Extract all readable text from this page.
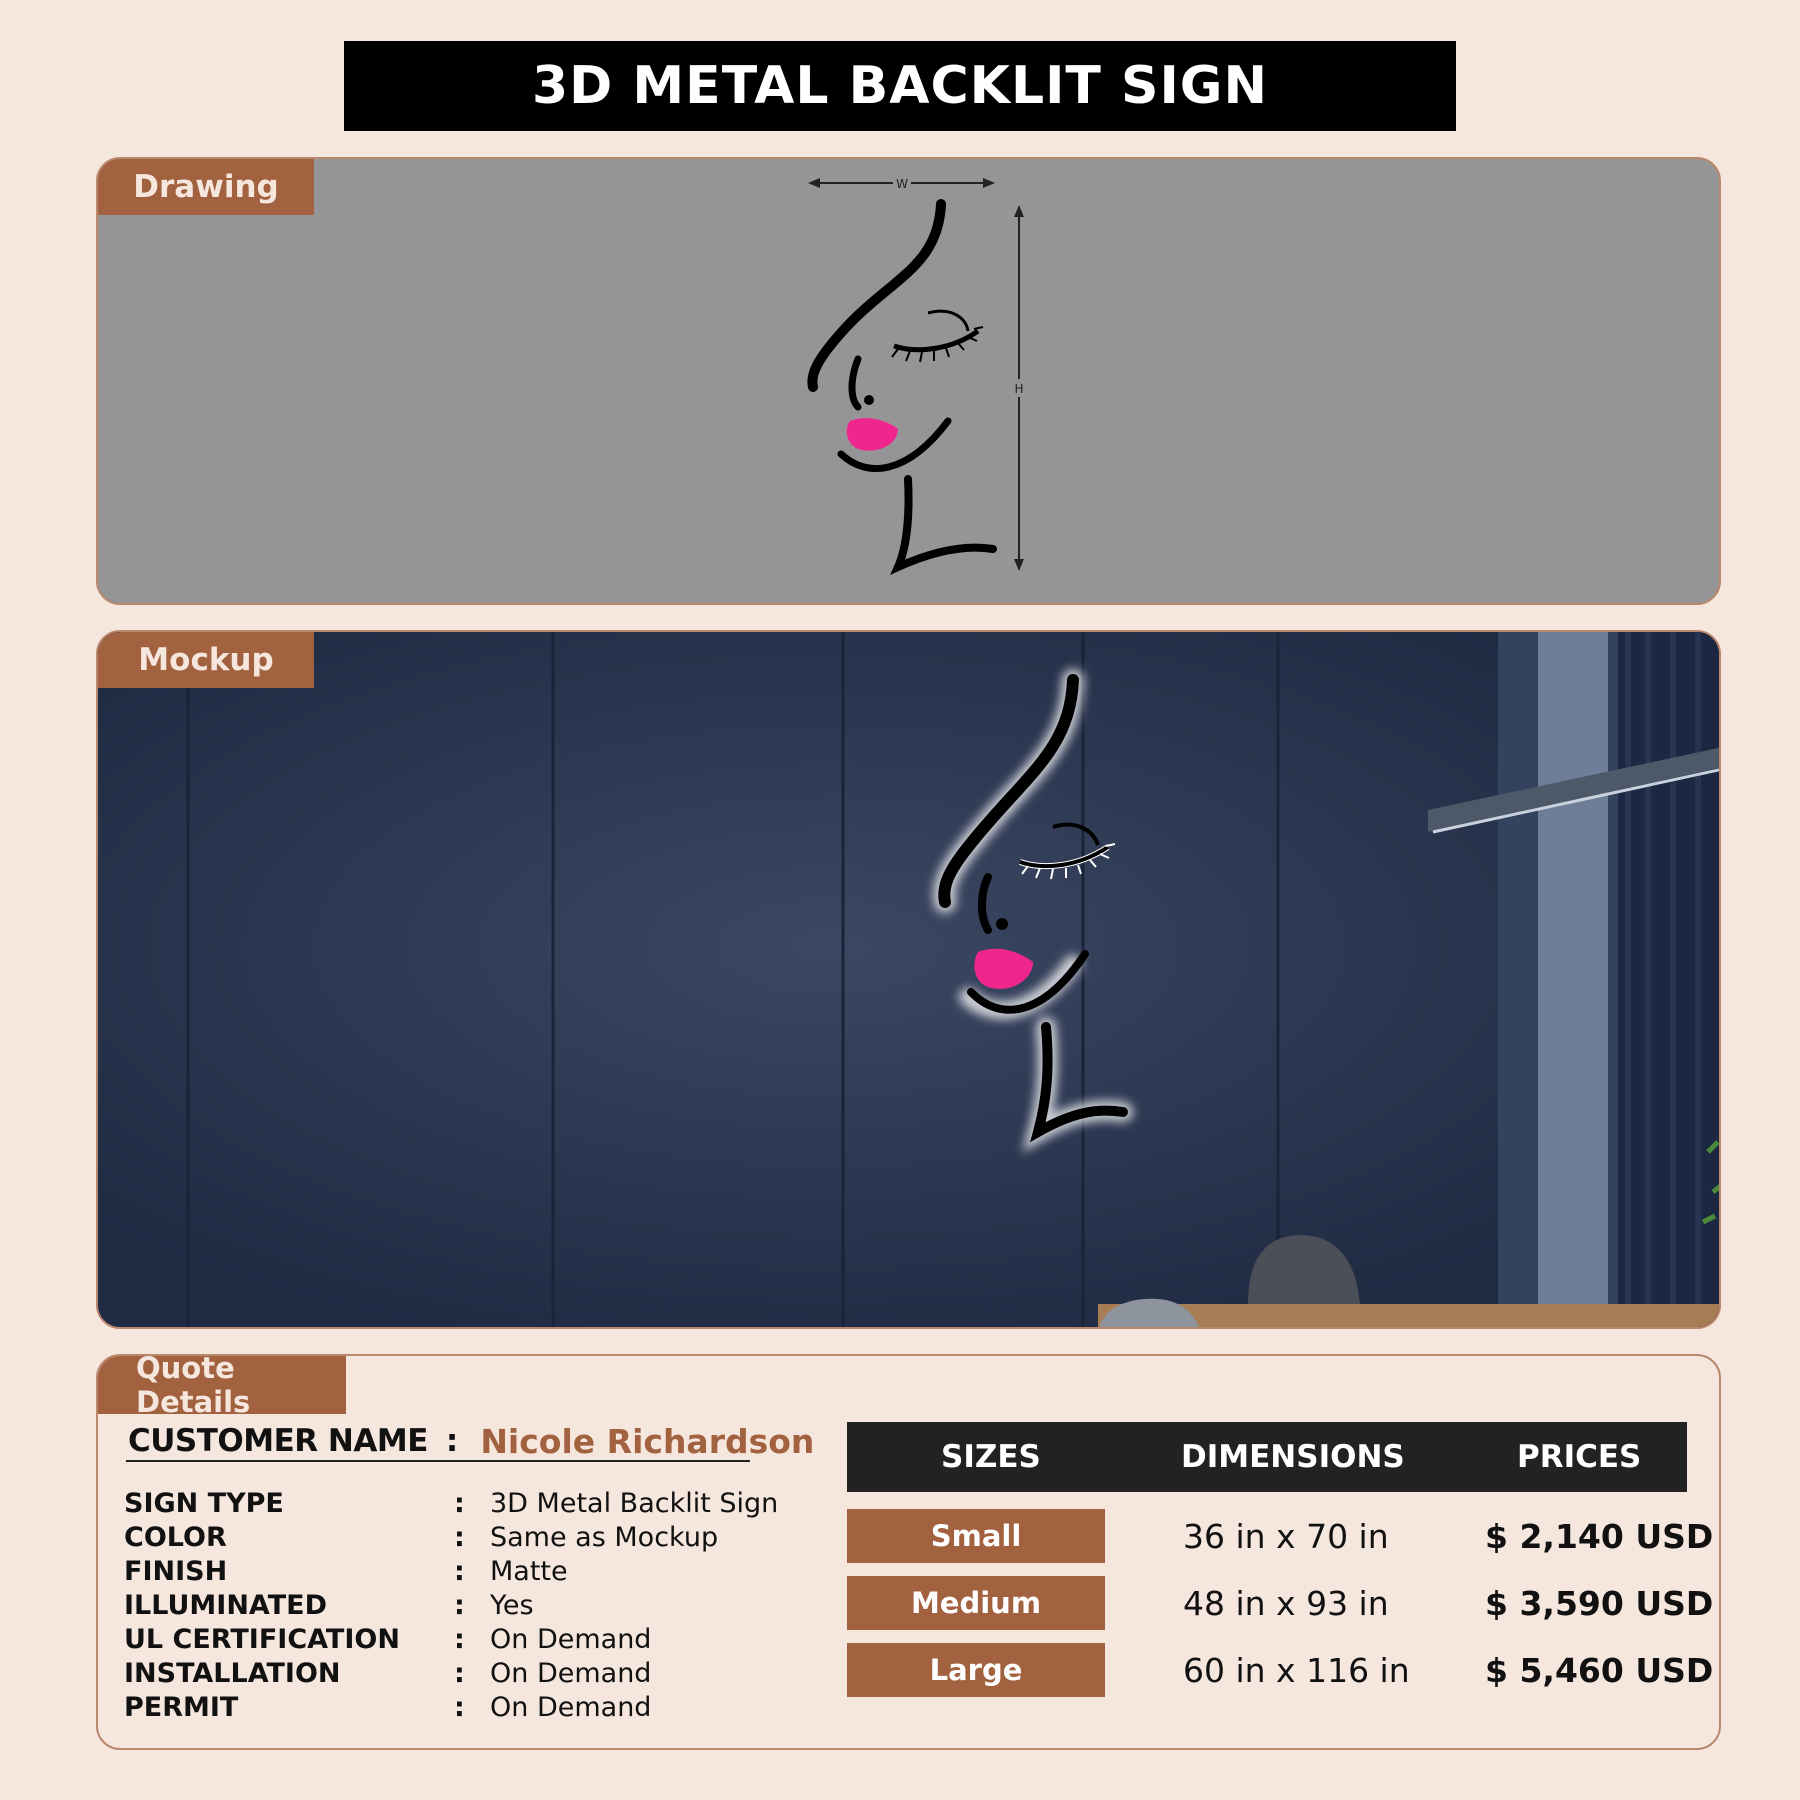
3D METAL BACKLIT SIGN
W
H
Drawing
Mockup
Quote Details
CUSTOMER NAME : Nicole Richardson
SIGN TYPE	: 3D Metal Backlit Sign
COLOR	: Same as Mockup
FINISH	: Matte
ILLUMINATED	: Yes
UL CERTIFICATION	: On Demand
INSTALLATION	: On Demand
PERMIT	: On Demand
SIZES	DIMENSIONS	PRICES
Small	36 in x 70 in	$ 2,140 USD
Medium	48 in x 93 in	$ 3,590 USD
Large	60 in x 116 in $ 5,460 USD
